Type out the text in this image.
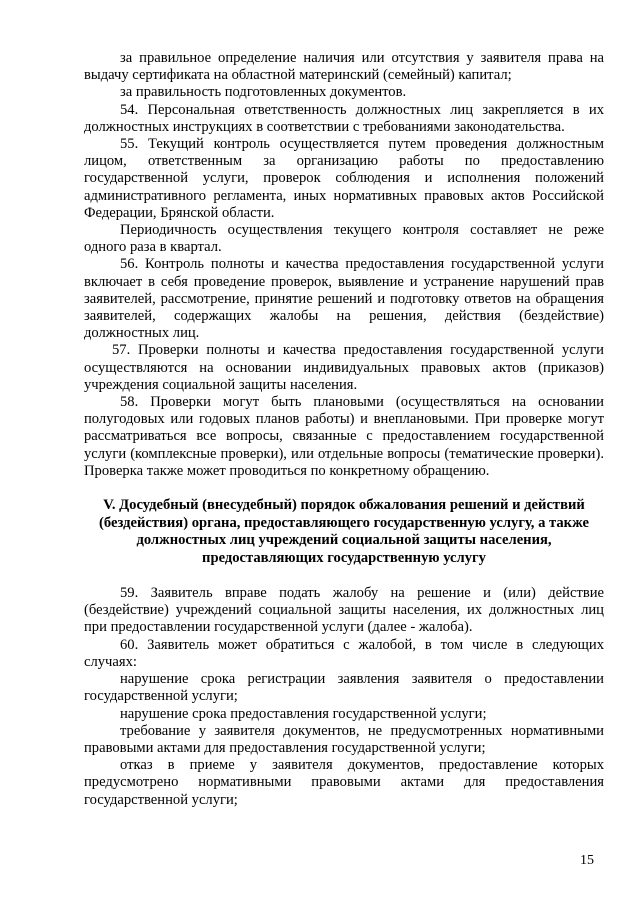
за правильное определение наличия или отсутствия у заявителя права на выдачу сертификата на областной материнский (семейный) капитал;

за правильность подготовленных документов.

54. Персональная ответственность должностных лиц закрепляется в их должностных инструкциях в соответствии с требованиями законодательства.

55. Текущий контроль осуществляется путем проведения должностным лицом, ответственным за организацию работы по предоставлению государственной услуги, проверок соблюдения и исполнения положений административного регламента, иных нормативных правовых актов Российской Федерации, Брянской области.

Периодичность осуществления текущего контроля составляет не реже одного раза в квартал.

56. Контроль полноты и качества предоставления государственной услуги включает в себя проведение проверок, выявление и устранение нарушений прав заявителей, рассмотрение, принятие решений и подготовку ответов на обращения заявителей, содержащих жалобы на решения, действия (бездействие) должностных лиц.

57. Проверки полноты и качества предоставления государственной услуги осуществляются на основании индивидуальных правовых актов (приказов) учреждения социальной защиты населения.

58. Проверки могут быть плановыми (осуществляться на основании полугодовых или годовых планов работы) и внеплановыми. При проверке могут рассматриваться все вопросы, связанные с предоставлением государственной услуги (комплексные проверки), или отдельные вопросы (тематические проверки). Проверка также может проводиться по конкретному обращению.

V. Досудебный (внесудебный) порядок обжалования решений и действий (бездействия) органа, предоставляющего государственную услугу, а также должностных лиц учреждений социальной защиты населения, предоставляющих государственную услугу

59. Заявитель вправе подать жалобу на решение и (или) действие (бездействие) учреждений социальной защиты населения, их должностных лиц при предоставлении государственной услуги (далее - жалоба).

60. Заявитель может обратиться с жалобой, в том числе в следующих случаях:

нарушение срока регистрации заявления заявителя о предоставлении государственной услуги;

нарушение срока предоставления государственной услуги;

требование у заявителя документов, не предусмотренных нормативными правовыми актами для предоставления государственной услуги;

отказ в приеме у заявителя документов, предоставление которых предусмотрено нормативными правовыми актами для предоставления государственной услуги;

15
